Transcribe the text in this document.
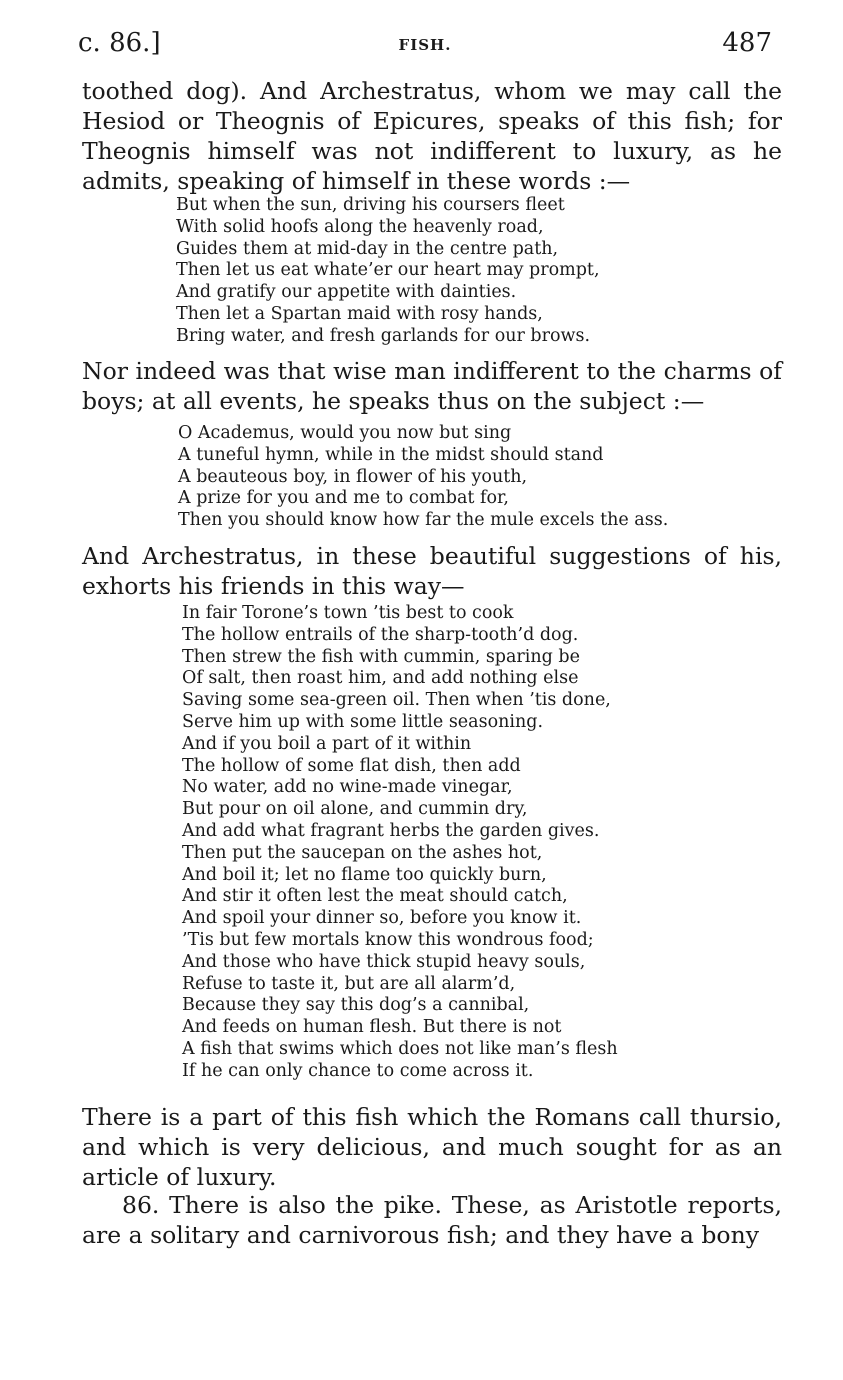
c. 86.]	FISH.	487

toothed dog). And Archestratus, whom we may call the Hesiod or Theognis of Epicures, speaks of this fish; for Theognis himself was not indifferent to luxury, as he admits, speaking of himself in these words :—

But when the sun, driving his coursers fleet
With solid hoofs along the heavenly road,
Guides them at mid-day in the centre path,
Then let us eat whate’er our heart may prompt,
And gratify our appetite with dainties.
Then let a Spartan maid with rosy hands,
Bring water, and fresh garlands for our brows.

Nor indeed was that wise man indifferent to the charms of boys; at all events, he speaks thus on the subject :—

O Academus, would you now but sing
A tuneful hymn, while in the midst should stand
A beauteous boy, in flower of his youth,
A prize for you and me to combat for,
Then you should know how far the mule excels the ass.

And Archestratus, in these beautiful suggestions of his, exhorts his friends in this way—

In fair Torone’s town ’tis best to cook
The hollow entrails of the sharp-tooth’d dog.
Then strew the fish with cummin, sparing be
Of salt, then roast him, and add nothing else
Saving some sea-green oil. Then when ’tis done,
Serve him up with some little seasoning.
And if you boil a part of it within
The hollow of some flat dish, then add
No water, add no wine-made vinegar,
But pour on oil alone, and cummin dry,
And add what fragrant herbs the garden gives.
Then put the saucepan on the ashes hot,
And boil it; let no flame too quickly burn,
And stir it often lest the meat should catch,
And spoil your dinner so, before you know it.
’Tis but few mortals know this wondrous food;
And those who have thick stupid heavy souls,
Refuse to taste it, but are all alarm’d,
Because they say this dog’s a cannibal,
And feeds on human flesh. But there is not
A fish that swims which does not like man’s flesh
If he can only chance to come across it.

There is a part of this fish which the Romans call thursio, and which is very delicious, and much sought for as an article of luxury.

86. There is also the pike. These, as Aristotle reports, are a solitary and carnivorous fish; and they have a bony
